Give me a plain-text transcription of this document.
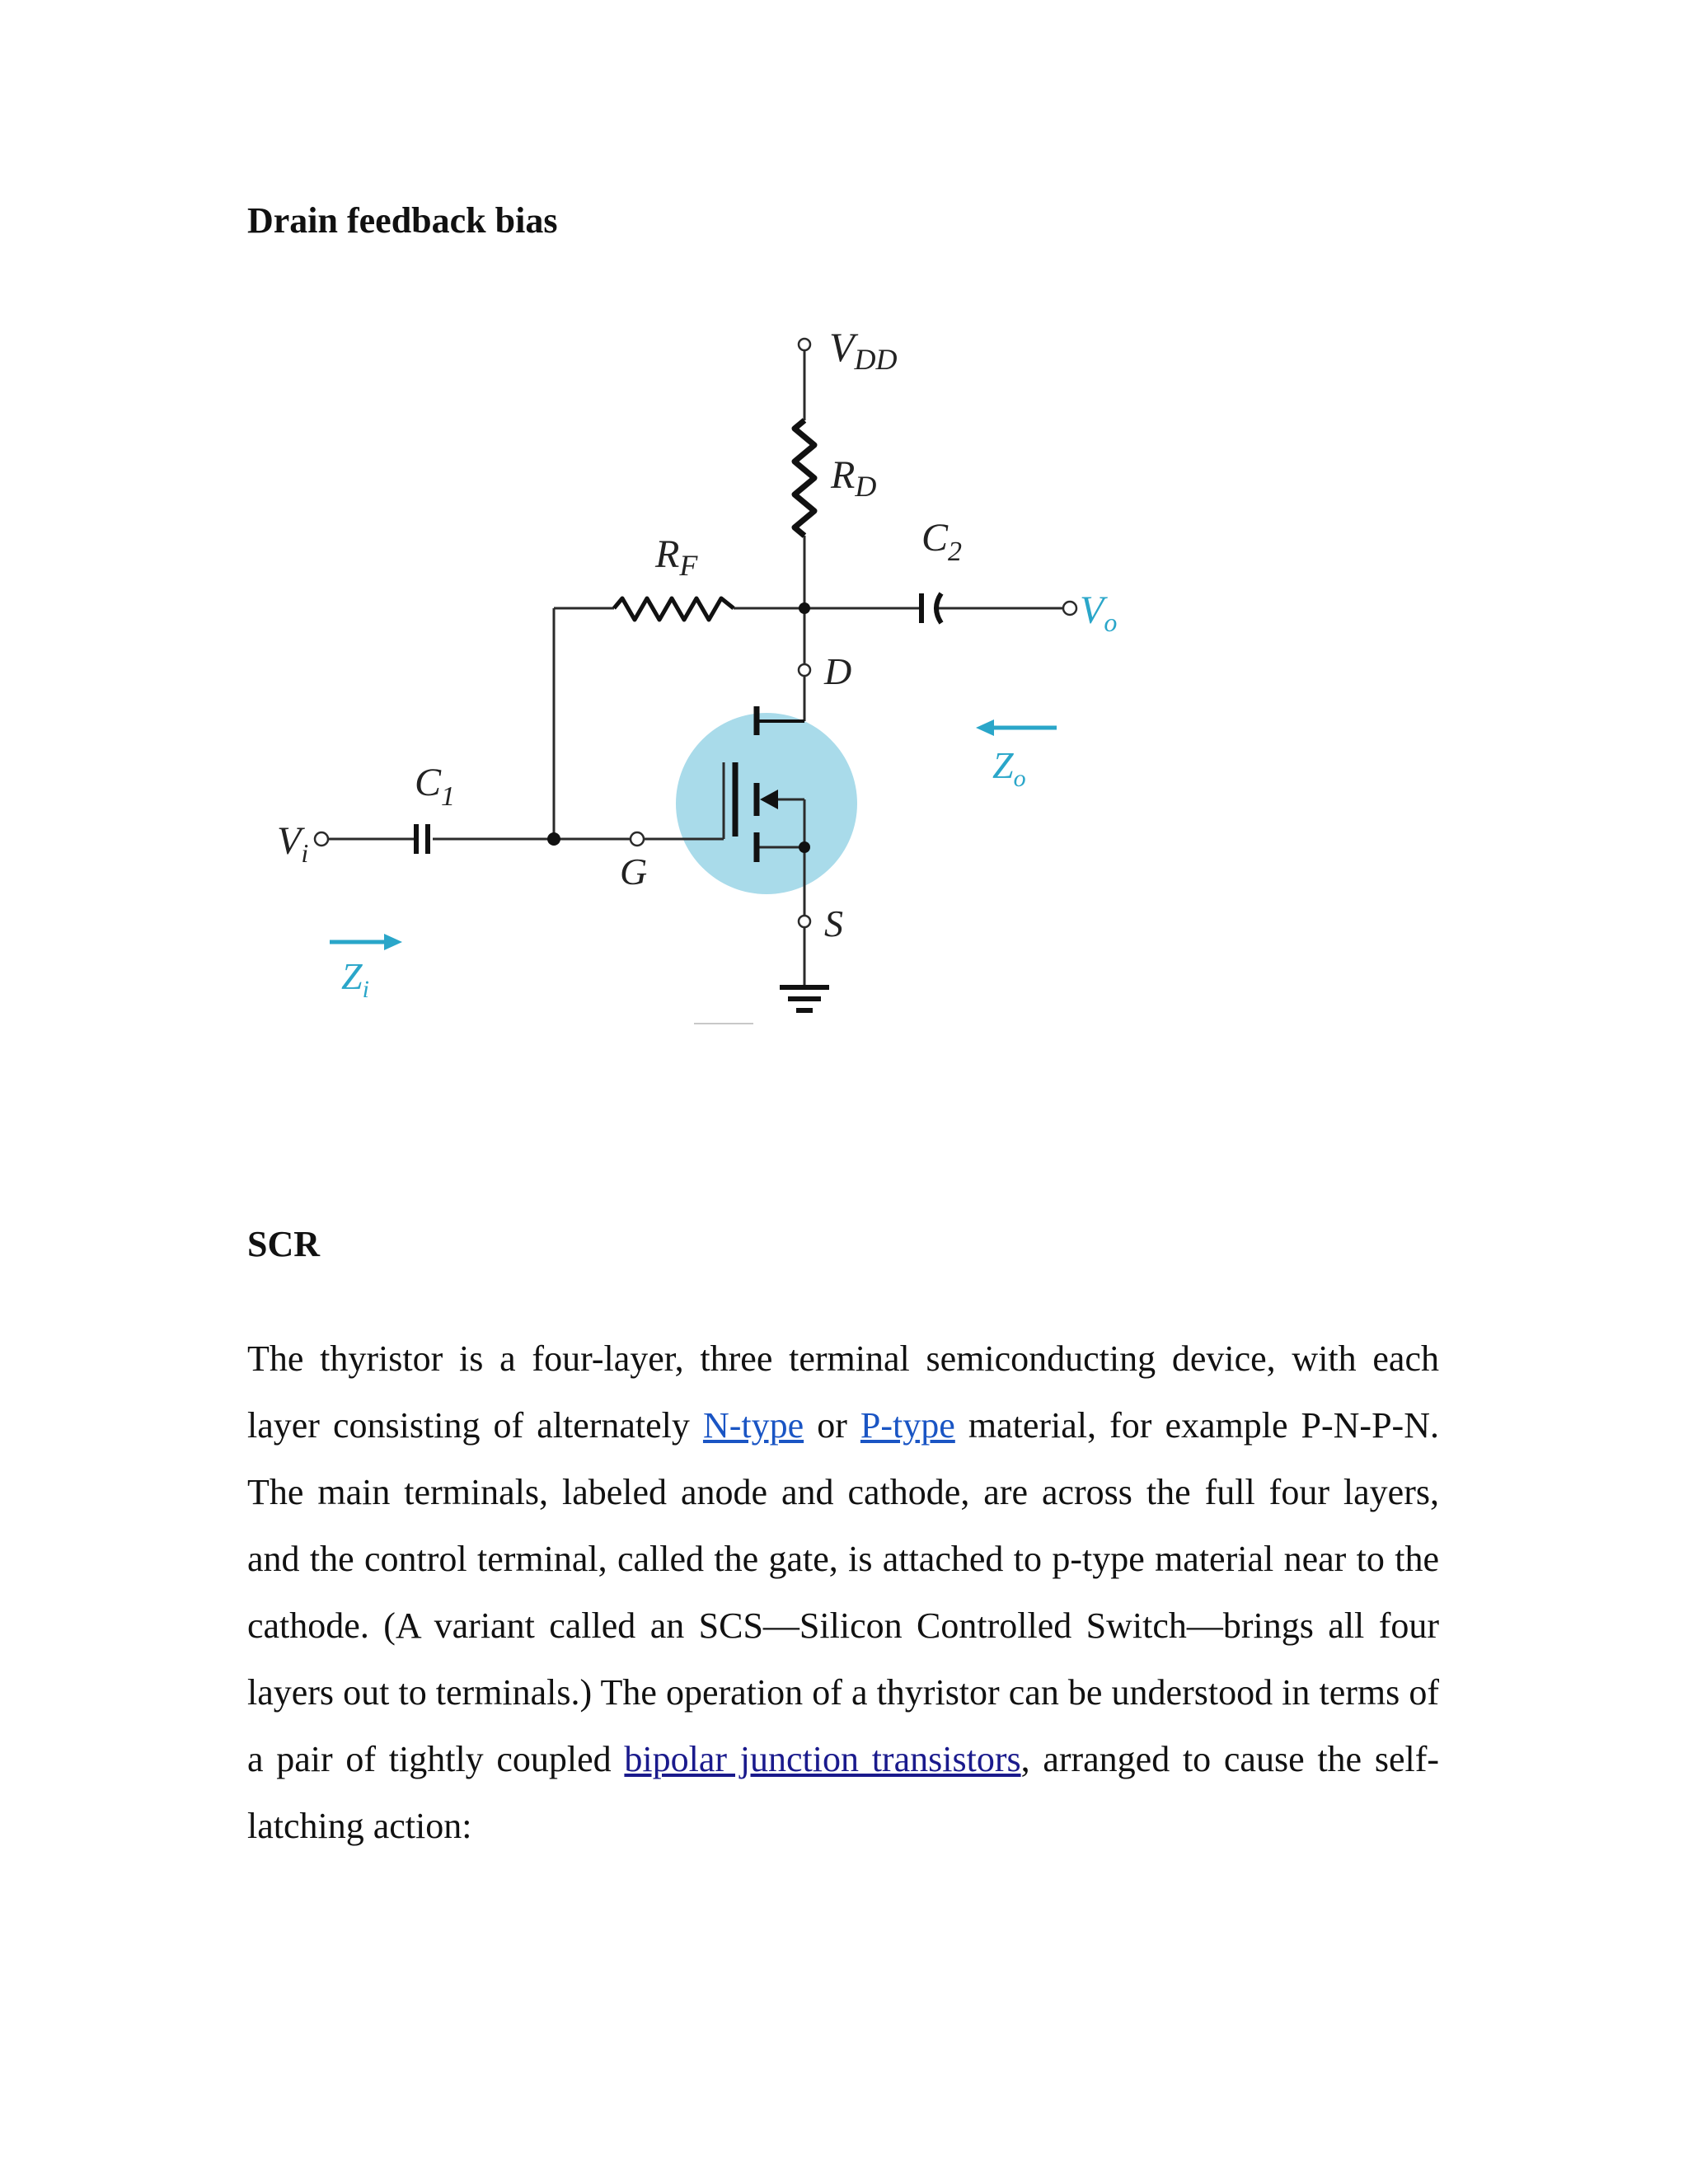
Drain feedback bias
$V_{DD}$
$R_D$
$R_F$
$C_2$
$C_1$
$V_i$
$V_o$
$Z_i$
$Z_o$
D
G
S
SCR

The thyristor is a four-layer, three terminal semiconducting device, with each layer consisting of alternately N-type or P-type material, for example P-N-P-N. The main terminals, labeled anode and cathode, are across the full four layers, and the control terminal, called the gate, is attached to p-type material near to the cathode. (A variant called an SCS—Silicon Controlled Switch—brings all four layers out to terminals.) The operation of a thyristor can be understood in terms of a pair of tightly coupled bipolar junction transistors, arranged to cause the self-latching action:
